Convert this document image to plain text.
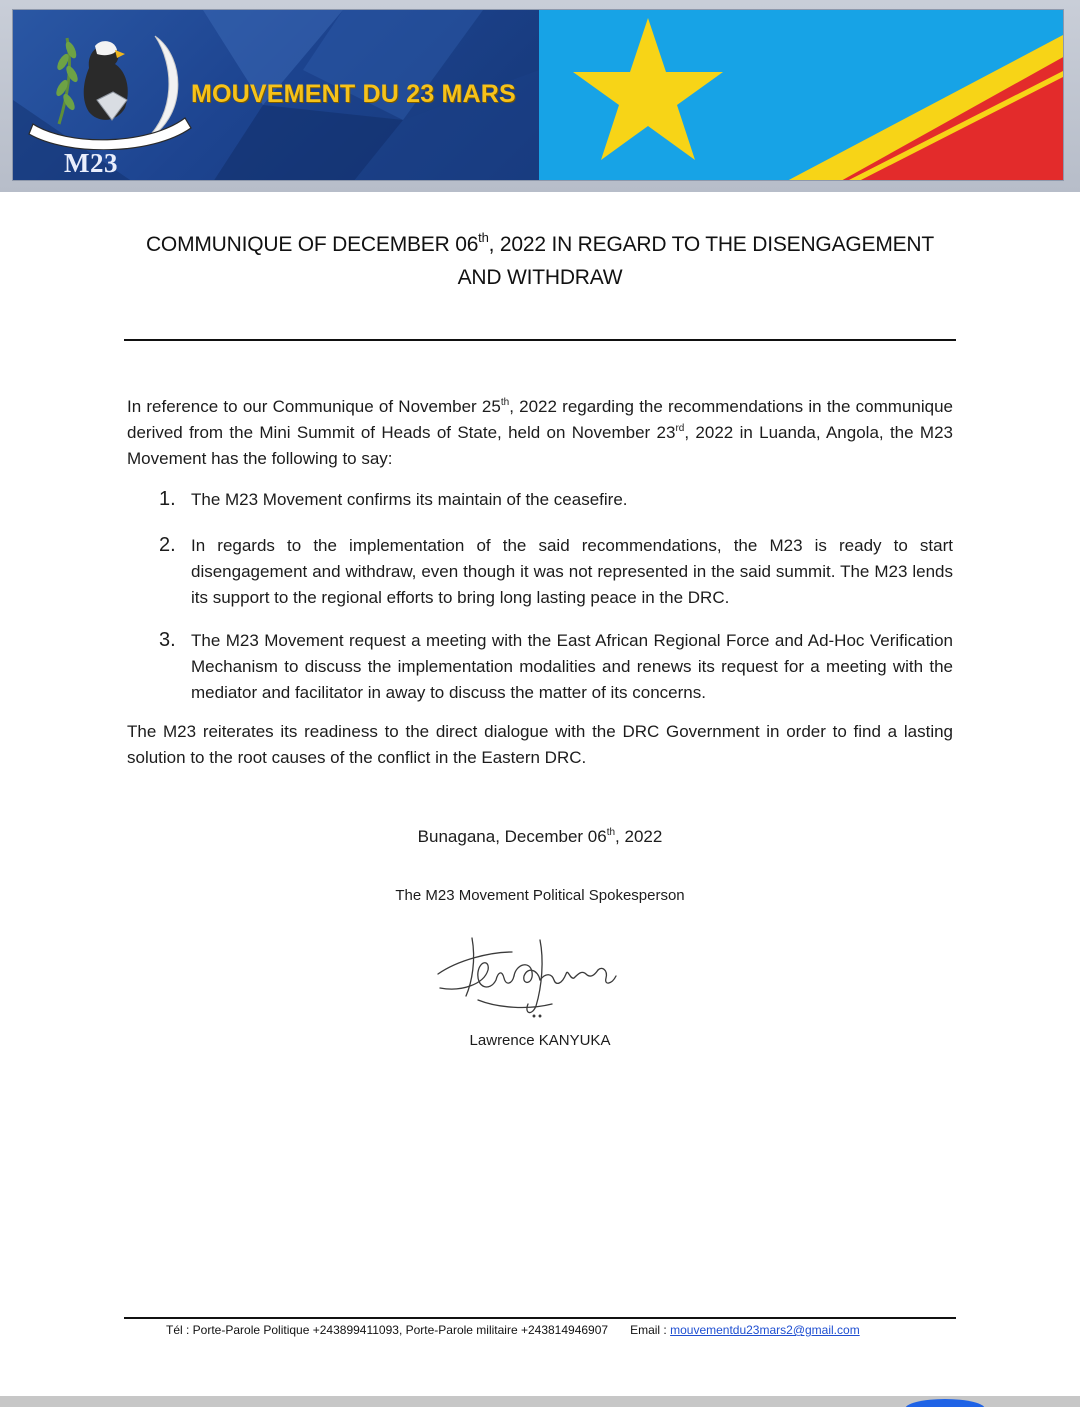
M23
MOUVEMENT DU 23 MARS
COMMUNIQUE OF DECEMBER 06th, 2022 IN REGARD TO THE DISENGAGEMENT
AND WITHDRAW

In reference to our Communique of November 25th, 2022 regarding the recommendations in the communique derived from the Mini Summit of Heads of State, held on November 23rd, 2022 in Luanda, Angola, the M23 Movement has the following to say:

1. The M23 Movement confirms its maintain of the ceasefire.
2. In regards to the implementation of the said recommendations, the M23 is ready to start disengagement and withdraw, even though it was not represented in the said summit. The M23 lends its support to the regional efforts to bring long lasting peace in the DRC.
3. The M23 Movement request a meeting with the East African Regional Force and Ad-Hoc Verification Mechanism to discuss the implementation modalities and renews its request for a meeting with the mediator and facilitator in away to discuss the matter of its concerns.

The M23 reiterates its readiness to the direct dialogue with the DRC Government in order to find a lasting solution to the root causes of the conflict in the Eastern DRC.

Bunagana, December 06th, 2022
The M23 Movement Political Spokesperson
Lawrence KANYUKA
Tél : Porte-Parole Politique +243899411093, Porte-Parole militaire +243814946907 Email : mouvementdu23mars2@gmail.com
